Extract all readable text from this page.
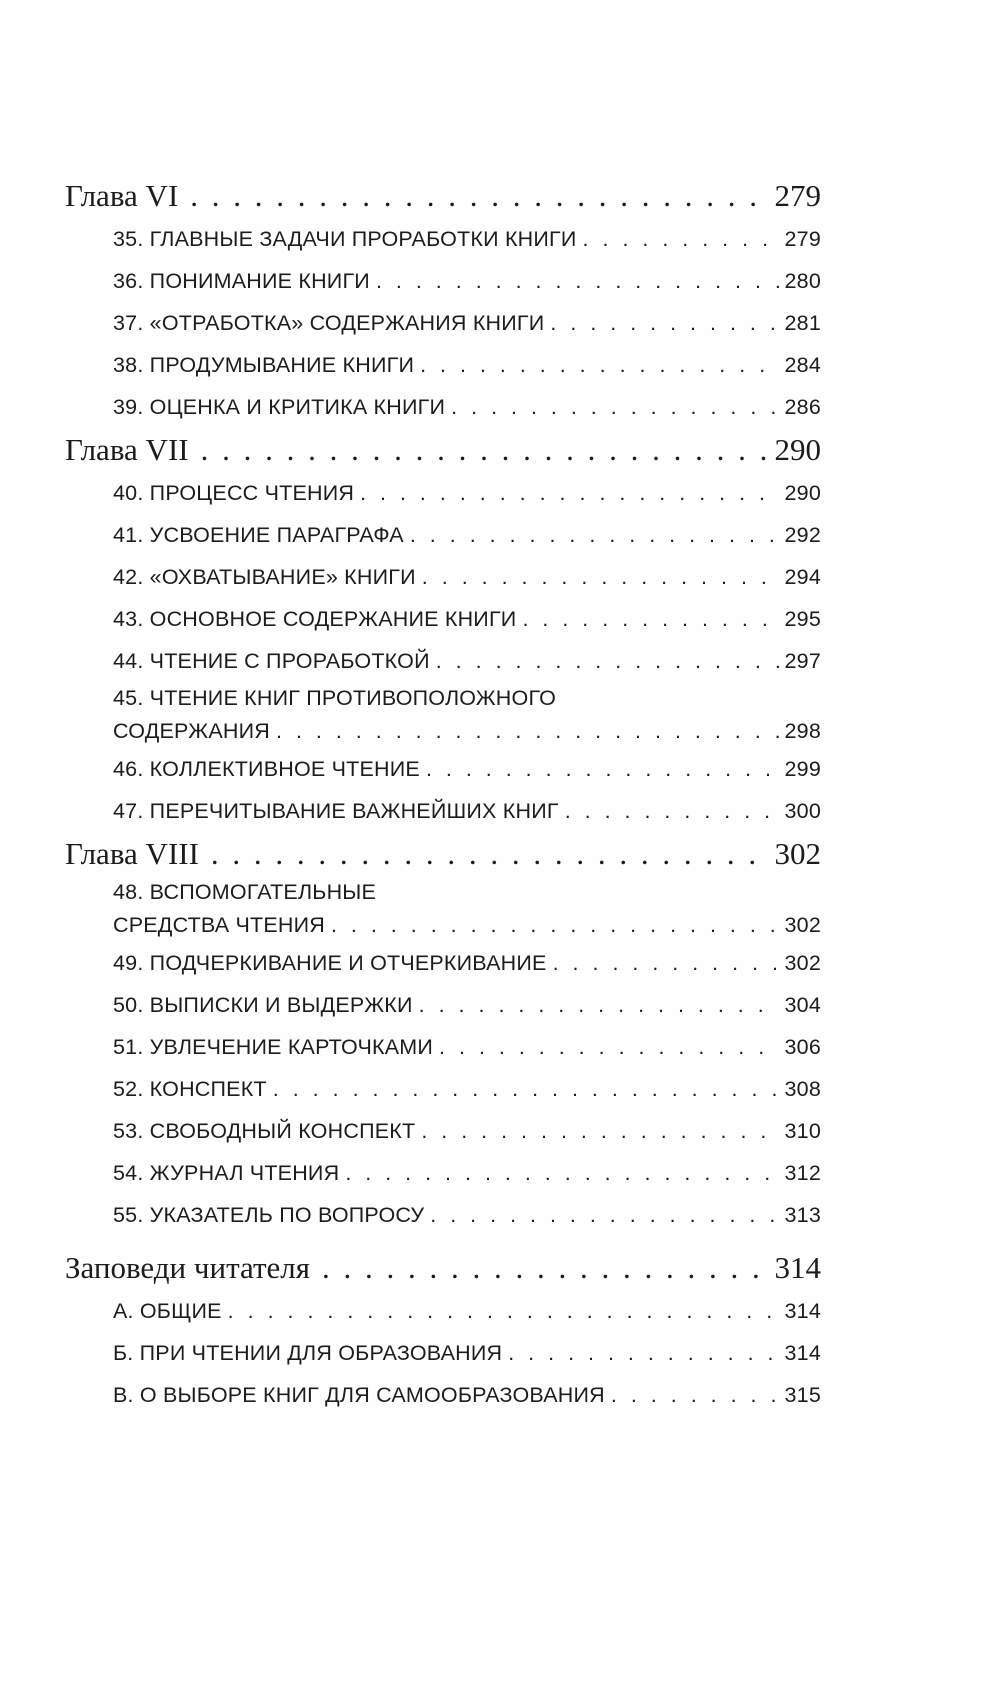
Глава VI . . .	279
35. ГЛАВНЫЕ ЗАДАЧИ ПРОРАБОТКИ КНИГИ . . .	279
36. ПОНИМАНИЕ КНИГИ . . .	280
37. «ОТРАБОТКА» СОДЕРЖАНИЯ КНИГИ . . .	281
38. ПРОДУМЫВАНИЕ КНИГИ . . .	284
39. ОЦЕНКА И КРИТИКА КНИГИ . . .	286
Глава VII . . .	290
40. ПРОЦЕСС ЧТЕНИЯ . . .	290
41. УСВОЕНИЕ ПАРАГРАФА . . .	292
42. «ОХВАТЫВАНИЕ» КНИГИ . . .	294
43. ОСНОВНОЕ СОДЕРЖАНИЕ КНИГИ . . .	295
44. ЧТЕНИЕ С ПРОРАБОТКОЙ . . .	297
45. ЧТЕНИЕ КНИГ ПРОТИВОПОЛОЖНОГО
СОДЕРЖАНИЯ . . .	298
46. КОЛЛЕКТИВНОЕ ЧТЕНИЕ . . .	299
47. ПЕРЕЧИТЫВАНИЕ ВАЖНЕЙШИХ КНИГ . . .	300
Глава VIII . . .	302
48. ВСПОМОГАТЕЛЬНЫЕ
СРЕДСТВА ЧТЕНИЯ . . .	302
49. ПОДЧЕРКИВАНИЕ И ОТЧЕРКИВАНИЕ . . .	302
50. ВЫПИСКИ И ВЫДЕРЖКИ . . .	304
51. УВЛЕЧЕНИЕ КАРТОЧКАМИ . . .	306
52. КОНСПЕКТ . . .	308
53. СВОБОДНЫЙ КОНСПЕКТ . . .	310
54. ЖУРНАЛ ЧТЕНИЯ . . .	312
55. УКАЗАТЕЛЬ ПО ВОПРОСУ . . .	313
Заповеди читателя . . .	314
А. ОБЩИЕ . . .	314
Б. ПРИ ЧТЕНИИ ДЛЯ ОБРАЗОВАНИЯ . . .	314
В. О ВЫБОРЕ КНИГ ДЛЯ САМООБРАЗОВАНИЯ . . .	315
